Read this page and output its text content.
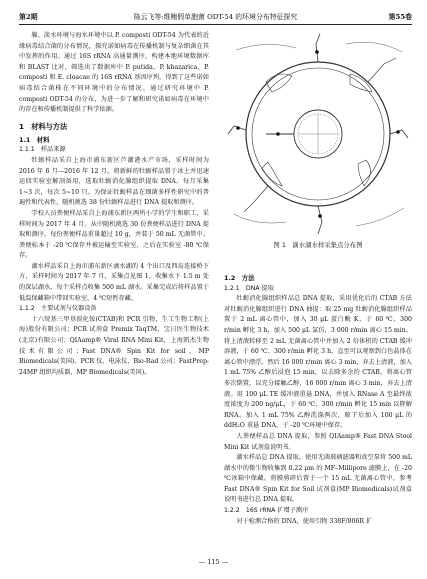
第2期	陈云飞等:维鲍假单胞菌 ODT-54 的环境分布特征探究	第55卷

腺、淡水环境与海水环境中以 P. composti ODT-54 为代表的近缘病毒结合菌的分布情况，探究诺如病毒在传播机制与复杂细菌在其中发挥的作用。通过 16S rRNA 高通量测序，构建本地环境数据库和 BLAST 比对，筛选出了数据库中 P. putida、P. khazarica、P. composti 和 E. cloacae 的 16S rRNA 基因序列，得到了这些诺如病毒结合菌株在不同环境中的分布情况。通过研究环境中 P. composti ODT-54 的分布，为进一步了解和研究诺如病毒在环境中的存在和传播机制提供了科学依据。

1　材料与方法
1.1　材料
1.1.1　样品来源

牡蛎样品采自上海市浦东新区芦潮港水产市场，采样时间为 2016 年 6 月—2016 年 12 月。将新鲜的牡蛎样品置于冰上并迅速运回实验室解剖备用，选取牡蛎消化腺组织提取 DNA。每月采集 1~3 次，每次 5~10 只。为保证牡蛎样品在细菌多样性研究中的普遍性和代表性，随机挑选 38 份牡蛎样品进行 DNA 提取和测序。

学校人员粪便样品采自上海浦东新区两所小学的学生和职工，采样时间为 2017 年 4 月。从中随机挑选 30 份粪便样品进行 DNA 提取和测序。每份粪便样品重量超过 10 g，并装于 50 mL 无菌管中。粪便标本于 -20 ℃保存并被运输至实验室，之后在实验室 -80 ℃保存。

湖水样品采自上海市浦东新区滴水湖的 4 个出口及西岛连接桥下方，采样时间为 2017 年 7 月，采集点见图 1。收集水下 1.5 m 处的深层湖水，每个采样点收集 500 mL 湖水。采集完成后将样品置于低温保藏箱中带回实验室，4 ℃短暂存藏。

1.1.2　主要试剂与仪器设备

十六烷基三甲基溴化铵(CTAB)和 PCR 引物，生工生物工程(上海)股份有限公司；PCR 试剂盒 Premix TaqTM，宝日医生物技术(北京)有限公司；QIAamp® Viral RNA Mini Kit，上海凯杰生物技术有限公司；Fast DNA® Spin Kit for soil，MP Biomedicals(美国)。PCR 仪、电泳仪，Bio-Rad 公司；FastPrep-24MP 组织均质器，MP Biomedicals(美国)。

图 1　滴水湖水样采集点分布图
1.2　方法
1.2.1　DNA 提取

牡蛎消化腺组织样品总 DNA 提取，采用优化后的 CTAB 方法对牡蛎消化腺组织进行 DNA 抽提：取 25 mg 牡蛎消化腺组织样品置于 2 mL 离心管中，加入 30 μL 蛋白酶 K，于 60 ℃、300 r/min 孵化 3 h，加入 500 μL 氯仿，3 000 r/min 离心 15 min。将上清液转移至 2 mL 无菌离心管中并加入 2 倍体积的 CTAB 缓冲溶液，于 60 ℃、300 r/min 孵化 3 h，直至可以观察到白色晶体在离心管中漂浮。然后 16 000 r/min 离心 3 min，弃去上清液，加入 1 mL 75% 乙醇后浸泡 15 min，以去除多余的 CTAB，将离心管多次倒置，以充分接触乙醇，16 000 r/min 离心 3 min，弃去上清液。用 100 μL TE 缓冲液重悬 DNA，并加入 RNase A 至最终浓度浓度为 200 ng/μL，于 60 ℃、300 r/min 孵化 15 min 以降解 RNA。加入 1 mL 75% 乙醇洗涤两次，晾干后加入 100 μL 的 ddH₂O 重悬 DNA，于 -20 ℃环境中保存。

人粪便样品总 DNA 提取，参照 QIAamp® Fast DNA Stool Mini Kit 试剂盒说明书。

湖水样品总 DNA 提取，使用无菌玻璃滤器和真空泵将 500 mL 湖水中的微生物收集到 0.22 μm 的 MF–Millipore 滤膜上，在 -20 ℃冰箱中保藏。将膜剪碎后置于一个 15 mL 无菌离心管中，参考 Fast DNA® Spin Kit for Soil 试剂盒(MP Biomedicals)试剂盒说明书进行总 DNA 提取。

1.2.2　16S rRNA 扩增子测序

对于检测合格的 DNA，使用引物 338F/806R 扩

— 115 —
